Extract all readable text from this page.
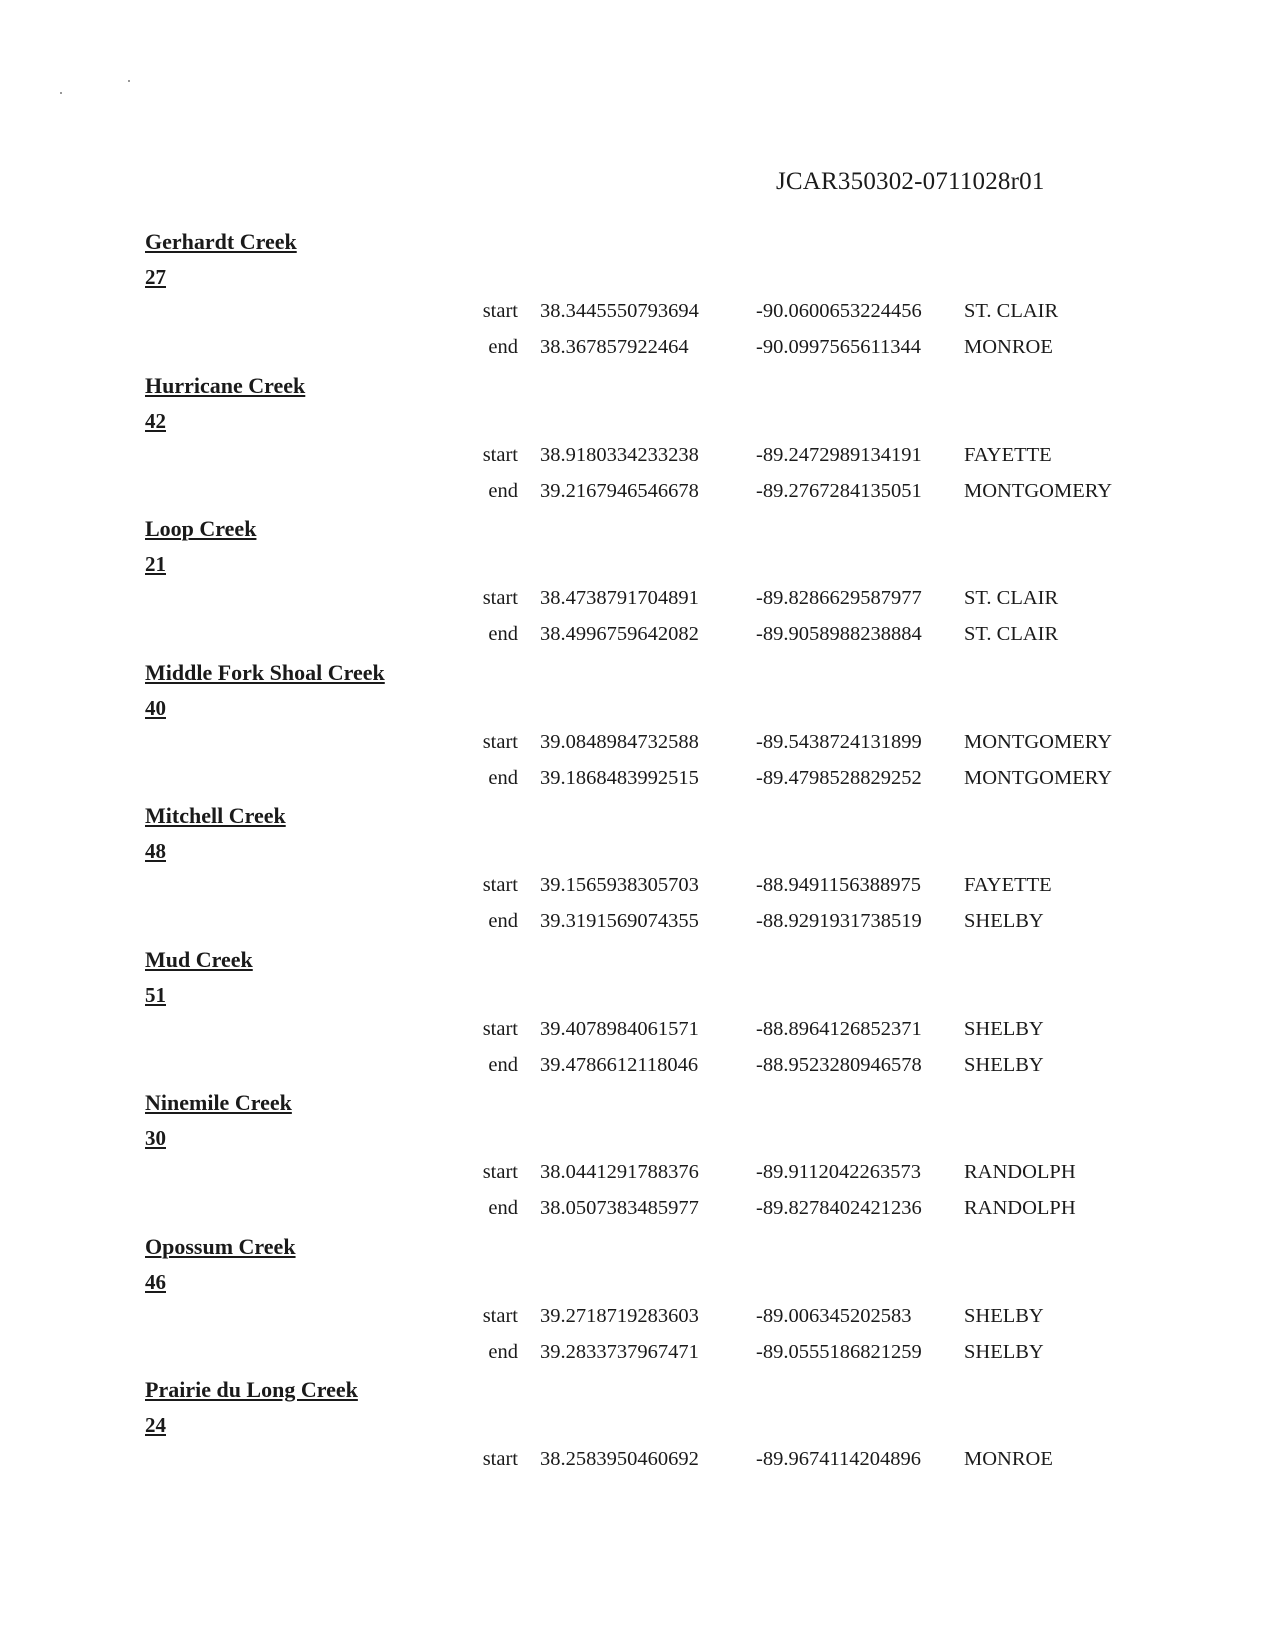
JCAR350302-0711028r01
Gerhardt Creek
27
start 38.3445550793694	-90.0600653224456 ST. CLAIR
end 38.367857922464	-90.0997565611344 MONROE
Hurricane Creek
42
start 38.9180334233238	-89.2472989134191 FAYETTE
end 39.2167946546678	-89.2767284135051 MONTGOMERY
Loop Creek
21
start 38.4738791704891	-89.8286629587977 ST. CLAIR
end 38.4996759642082	-89.9058988238884 ST. CLAIR
Middle Fork Shoal Creek
40
start 39.0848984732588	-89.5438724131899 MONTGOMERY
end 39.1868483992515	-89.4798528829252 MONTGOMERY
Mitchell Creek
48
start 39.1565938305703	-88.9491156388975 FAYETTE
end 39.3191569074355	-88.9291931738519 SHELBY
Mud Creek
51
start 39.4078984061571	-88.8964126852371 SHELBY
end 39.4786612118046	-88.9523280946578 SHELBY
Ninemile Creek
30
start 38.0441291788376	-89.9112042263573 RANDOLPH
end 38.0507383485977	-89.8278402421236 RANDOLPH
Opossum Creek
46
start 39.2718719283603	-89.006345202583	SHELBY
end 39.2833737967471	-89.0555186821259 SHELBY
Prairie du Long Creek
24
start 38.2583950460692	-89.9674114204896 MONROE
